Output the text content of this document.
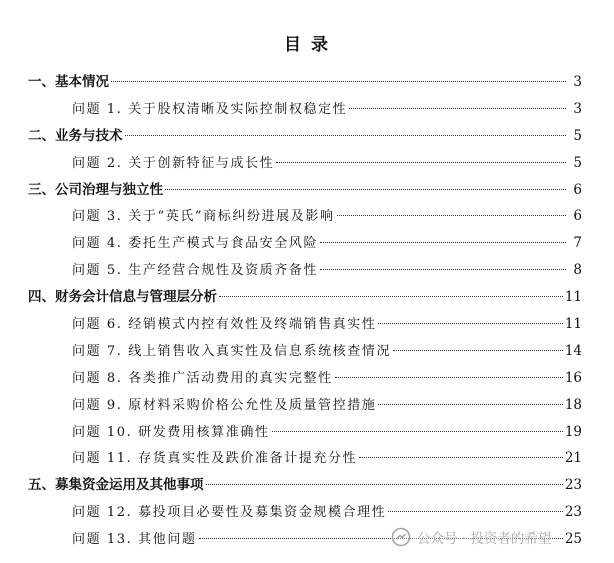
目 录
一、基本情况	3
问题 1. 关于股权清晰及实际控制权稳定性	3
二、业务与技术	5
问题 2. 关于创新特征与成长性	5
三、公司治理与独立性	6
问题 3. 关于“英氏”商标纠纷进展及影响	6
问题 4. 委托生产模式与食品安全风险	7
问题 5. 生产经营合规性及资质齐备性	8
四、财务会计信息与管理层分析	11
问题 6. 经销模式内控有效性及终端销售真实性	11
问题 7. 线上销售收入真实性及信息系统核查情况	14
问题 8. 各类推广活动费用的真实完整性	16
问题 9. 原材料采购价格公允性及质量管控措施	18
问题 10. 研发费用核算准确性	19
问题 11. 存货真实性及跌价准备计提充分性	21
五、募集资金运用及其他事项	23
问题 12. 募投项目必要性及募集资金规模合理性	23
问题 13. 其他问题	25
公众号 · 投资者的希望
